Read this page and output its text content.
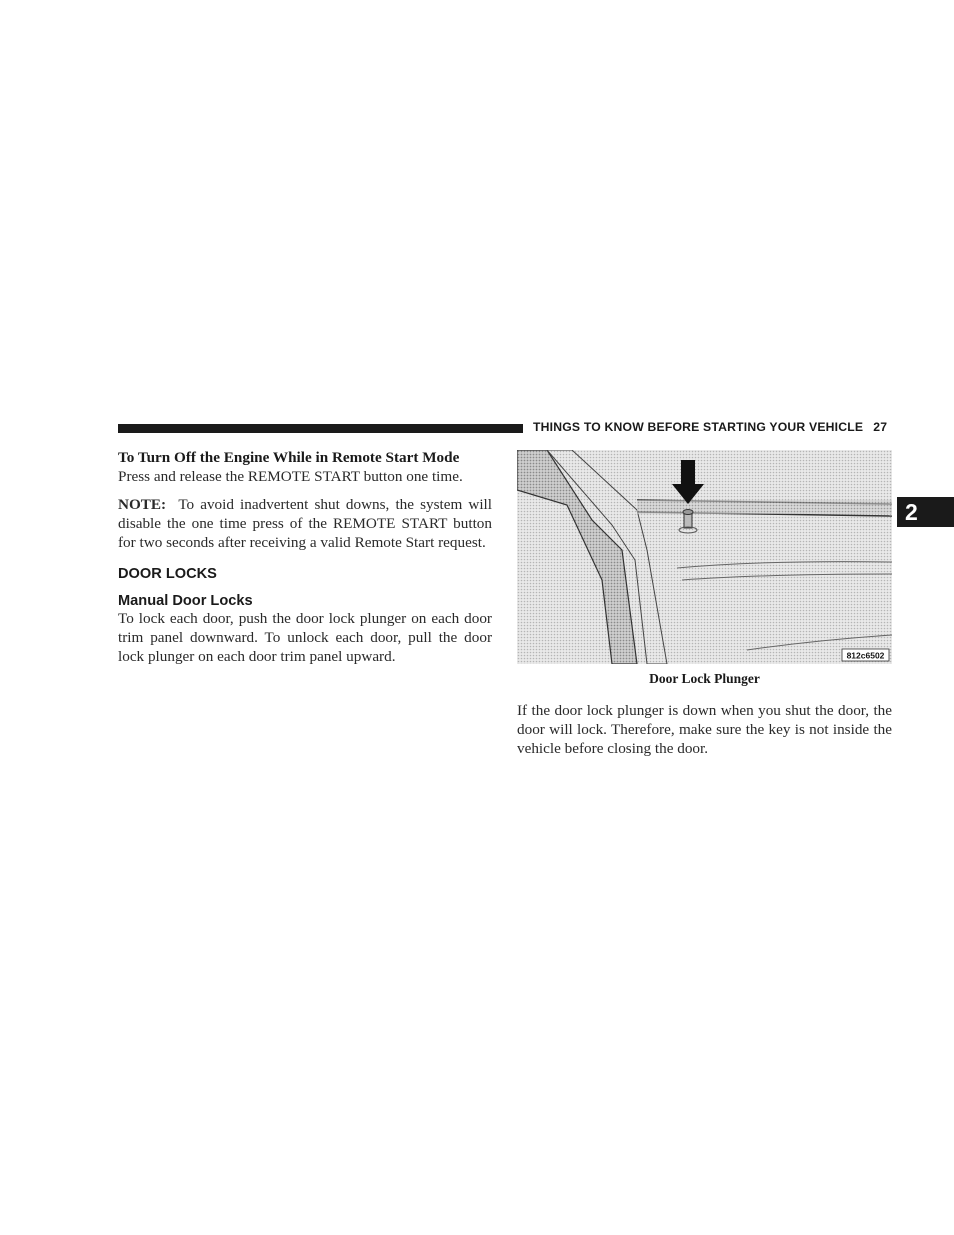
THINGS TO KNOW BEFORE STARTING YOUR VEHICLE 27
2

To Turn Off the Engine While in Remote Start Mode

Press and release the REMOTE START button one time.

NOTE: To avoid inadvertent shut downs, the system will disable the one time press of the REMOTE START button for two seconds after receiving a valid Remote Start request.

DOOR LOCKS

Manual Door Locks

To lock each door, push the door lock plunger on each door trim panel downward. To unlock each door, pull the door lock plunger on each door trim panel upward.	812c6502

Door Lock Plunger

If the door lock plunger is down when you shut the door, the door will lock. Therefore, make sure the key is not inside the vehicle before closing the door.
